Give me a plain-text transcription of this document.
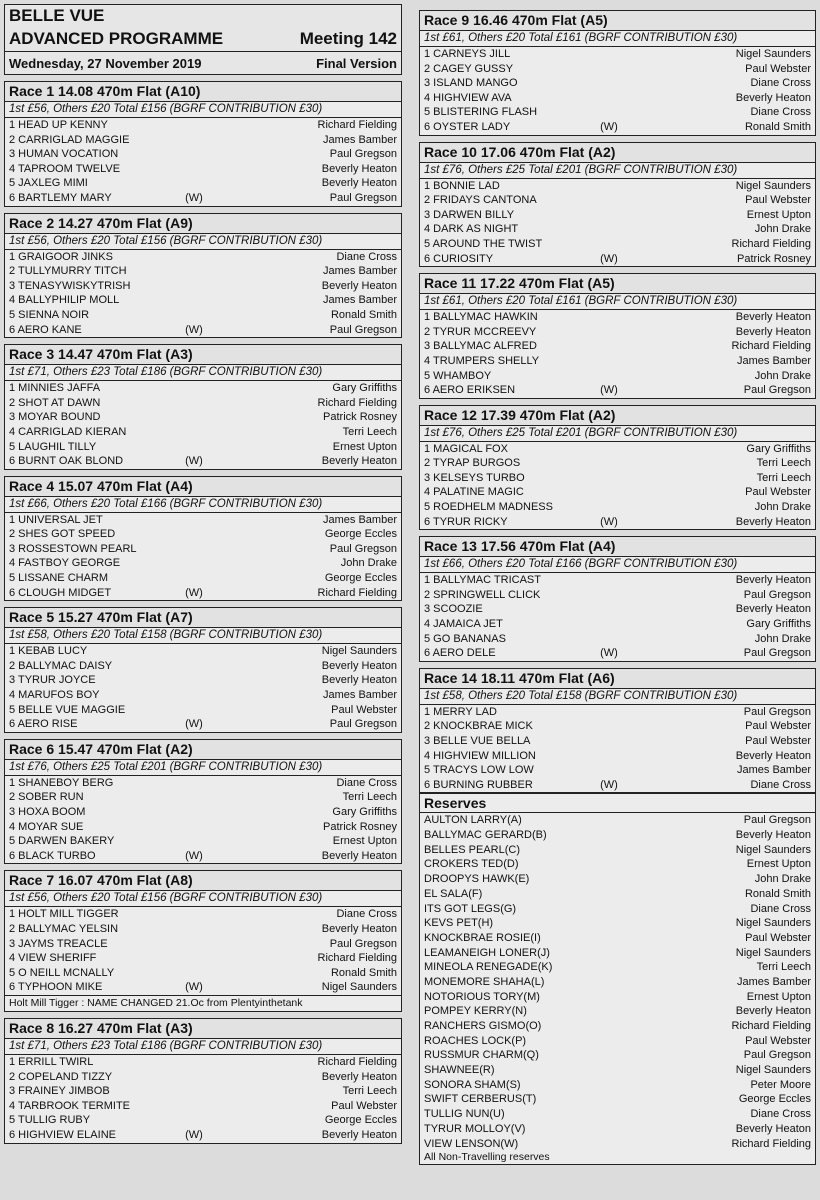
BELLE VUE
ADVANCED PROGRAMME	Meeting 142
Wednesday, 27 November 2019	Final Version
Race 1 14.08 470m Flat (A10)
1st £56, Others £20 Total £156 (BGRF CONTRIBUTION £30)
1 HEAD UP KENNY	Richard Fielding
2 CARRIGLAD MAGGIE	James Bamber
3 HUMAN VOCATION	Paul Gregson
4 TAPROOM TWELVE	Beverly Heaton
5 JAXLEG MIMI	Beverly Heaton
6 BARTLEMY MARY	(W)	Paul Gregson
Race 2 14.27 470m Flat (A9)
1st £56, Others £20 Total £156 (BGRF CONTRIBUTION £30)
1 GRAIGOOR JINKS	Diane Cross
2 TULLYMURRY TITCH	James Bamber
3 TENASYWISKYTRISH	Beverly Heaton
4 BALLYPHILIP MOLL	James Bamber
5 SIENNA NOIR	Ronald Smith
6 AERO KANE	(W)	Paul Gregson
Race 3 14.47 470m Flat (A3)
1st £71, Others £23 Total £186 (BGRF CONTRIBUTION £30)
1 MINNIES JAFFA	Gary Griffiths
2 SHOT AT DAWN	Richard Fielding
3 MOYAR BOUND	Patrick Rosney
4 CARRIGLAD KIERAN	Terri Leech
5 LAUGHIL TILLY	Ernest Upton
6 BURNT OAK BLOND	(W)	Beverly Heaton
Race 4 15.07 470m Flat (A4)
1st £66, Others £20 Total £166 (BGRF CONTRIBUTION £30)
1 UNIVERSAL JET	James Bamber
2 SHES GOT SPEED	George Eccles
3 ROSSESTOWN PEARL	Paul Gregson
4 FASTBOY GEORGE	John Drake
5 LISSANE CHARM	George Eccles
6 CLOUGH MIDGET	(W)	Richard Fielding
Race 5 15.27 470m Flat (A7)
1st £58, Others £20 Total £158 (BGRF CONTRIBUTION £30)
1 KEBAB LUCY	Nigel Saunders
2 BALLYMAC DAISY	Beverly Heaton
3 TYRUR JOYCE	Beverly Heaton
4 MARUFOS BOY	James Bamber
5 BELLE VUE MAGGIE	Paul Webster
6 AERO RISE	(W)	Paul Gregson
Race 6 15.47 470m Flat (A2)
1st £76, Others £25 Total £201 (BGRF CONTRIBUTION £30)
1 SHANEBOY BERG	Diane Cross
2 SOBER RUN	Terri Leech
3 HOXA BOOM	Gary Griffiths
4 MOYAR SUE	Patrick Rosney
5 DARWEN BAKERY	Ernest Upton
6 BLACK TURBO	(W)	Beverly Heaton
Race 7 16.07 470m Flat (A8)
1st £56, Others £20 Total £156 (BGRF CONTRIBUTION £30)
1 HOLT MILL TIGGER	Diane Cross
2 BALLYMAC YELSIN	Beverly Heaton
3 JAYMS TREACLE	Paul Gregson
4 VIEW SHERIFF	Richard Fielding
5 O NEILL MCNALLY	Ronald Smith
6 TYPHOON MIKE	(W)	Nigel Saunders
Holt Mill Tigger : NAME CHANGED 21.Oc from Plentyinthetank
Race 8 16.27 470m Flat (A3)
1st £71, Others £23 Total £186 (BGRF CONTRIBUTION £30)
1 ERRILL TWIRL	Richard Fielding
2 COPELAND TIZZY	Beverly Heaton
3 FRAINEY JIMBOB	Terri Leech
4 TARBROOK TERMITE	Paul Webster
5 TULLIG RUBY	George Eccles
6 HIGHVIEW ELAINE	(W)	Beverly Heaton
Race 9 16.46 470m Flat (A5)
1st £61, Others £20 Total £161 (BGRF CONTRIBUTION £30)
1 CARNEYS JILL	Nigel Saunders
2 CAGEY GUSSY	Paul Webster
3 ISLAND MANGO	Diane Cross
4 HIGHVIEW AVA	Beverly Heaton
5 BLISTERING FLASH	Diane Cross
6 OYSTER LADY	(W)	Ronald Smith
Race 10 17.06 470m Flat (A2)
1st £76, Others £25 Total £201 (BGRF CONTRIBUTION £30)
1 BONNIE LAD	Nigel Saunders
2 FRIDAYS CANTONA	Paul Webster
3 DARWEN BILLY	Ernest Upton
4 DARK AS NIGHT	John Drake
5 AROUND THE TWIST	Richard Fielding
6 CURIOSITY	(W)	Patrick Rosney
Race 11 17.22 470m Flat (A5)
1st £61, Others £20 Total £161 (BGRF CONTRIBUTION £30)
1 BALLYMAC HAWKIN	Beverly Heaton
2 TYRUR MCCREEVY	Beverly Heaton
3 BALLYMAC ALFRED	Richard Fielding
4 TRUMPERS SHELLY	James Bamber
5 WHAMBOY	John Drake
6 AERO ERIKSEN	(W)	Paul Gregson
Race 12 17.39 470m Flat (A2)
1st £76, Others £25 Total £201 (BGRF CONTRIBUTION £30)
1 MAGICAL FOX	Gary Griffiths
2 TYRAP BURGOS	Terri Leech
3 KELSEYS TURBO	Terri Leech
4 PALATINE MAGIC	Paul Webster
5 ROEDHELM MADNESS	John Drake
6 TYRUR RICKY	(W)	Beverly Heaton
Race 13 17.56 470m Flat (A4)
1st £66, Others £20 Total £166 (BGRF CONTRIBUTION £30)
1 BALLYMAC TRICAST	Beverly Heaton
2 SPRINGWELL CLICK	Paul Gregson
3 SCOOZIE	Beverly Heaton
4 JAMAICA JET	Gary Griffiths
5 GO BANANAS	John Drake
6 AERO DELE	(W)	Paul Gregson
Race 14 18.11 470m Flat (A6)
1st £58, Others £20 Total £158 (BGRF CONTRIBUTION £30)
1 MERRY LAD	Paul Gregson
2 KNOCKBRAE MICK	Paul Webster
3 BELLE VUE BELLA	Paul Webster
4 HIGHVIEW MILLION	Beverly Heaton
5 TRACYS LOW LOW	James Bamber
6 BURNING RUBBER	(W)	Diane Cross
Reserves
AULTON LARRY(A)	Paul Gregson
BALLYMAC GERARD(B)	Beverly Heaton
BELLES PEARL(C)	Nigel Saunders
CROKERS TED(D)	Ernest Upton
DROOPYS HAWK(E)	John Drake
EL SALA(F)	Ronald Smith
ITS GOT LEGS(G)	Diane Cross
KEVS PET(H)	Nigel Saunders
KNOCKBRAE ROSIE(I)	Paul Webster
LEAMANEIGH LONER(J)	Nigel Saunders
MINEOLA RENEGADE(K)	Terri Leech
MONEMORE SHAHA(L)	James Bamber
NOTORIOUS TORY(M)	Ernest Upton
POMPEY KERRY(N)	Beverly Heaton
RANCHERS GISMO(O)	Richard Fielding
ROACHES LOCK(P)	Paul Webster
RUSSMUR CHARM(Q)	Paul Gregson
SHAWNEE(R)	Nigel Saunders
SONORA SHAM(S)	Peter Moore
SWIFT CERBERUS(T)	George Eccles
TULLIG NUN(U)	Diane Cross
TYRUR MOLLOY(V)	Beverly Heaton
VIEW LENSON(W)	Richard Fielding
All Non-Travelling reserves
